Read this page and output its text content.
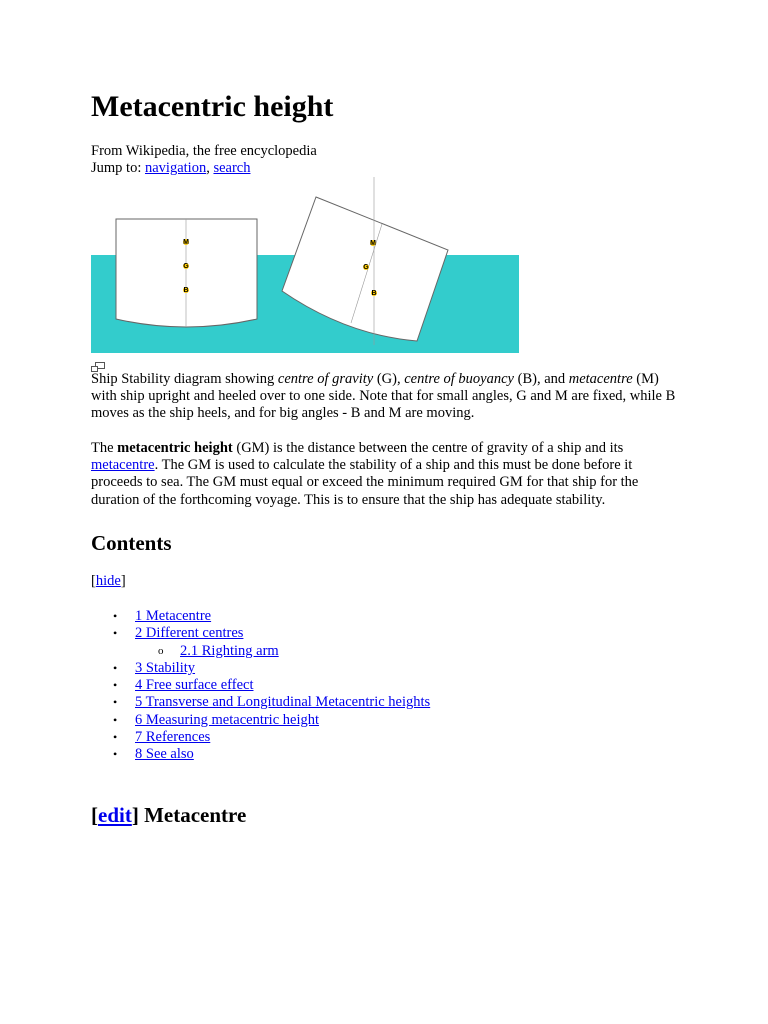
Metacentric height
From Wikipedia, the free encyclopedia
Jump to: navigation, search
M
G
B
M
G
B
Ship Stability diagram showing centre of gravity (G), centre of buoyancy (B), and metacentre (M) with ship upright and heeled over to one side. Note that for small angles, G and M are fixed, while B moves as the ship heels, and for big angles - B and M are moving.
The metacentric height (GM) is the distance between the centre of gravity of a ship and its metacentre. The GM is used to calculate the stability of a ship and this must be done before it proceeds to sea. The GM must equal or exceed the minimum required GM for that ship for the duration of the forthcoming voyage. This is to ensure that the ship has adequate stability.
Contents
[hide]
• 1 Metacentre
• 2 Different centres
o 2.1 Righting arm
• 3 Stability
• 4 Free surface effect
• 5 Transverse and Longitudinal Metacentric heights
• 6 Measuring metacentric height
• 7 References
• 8 See also
[edit] Metacentre
